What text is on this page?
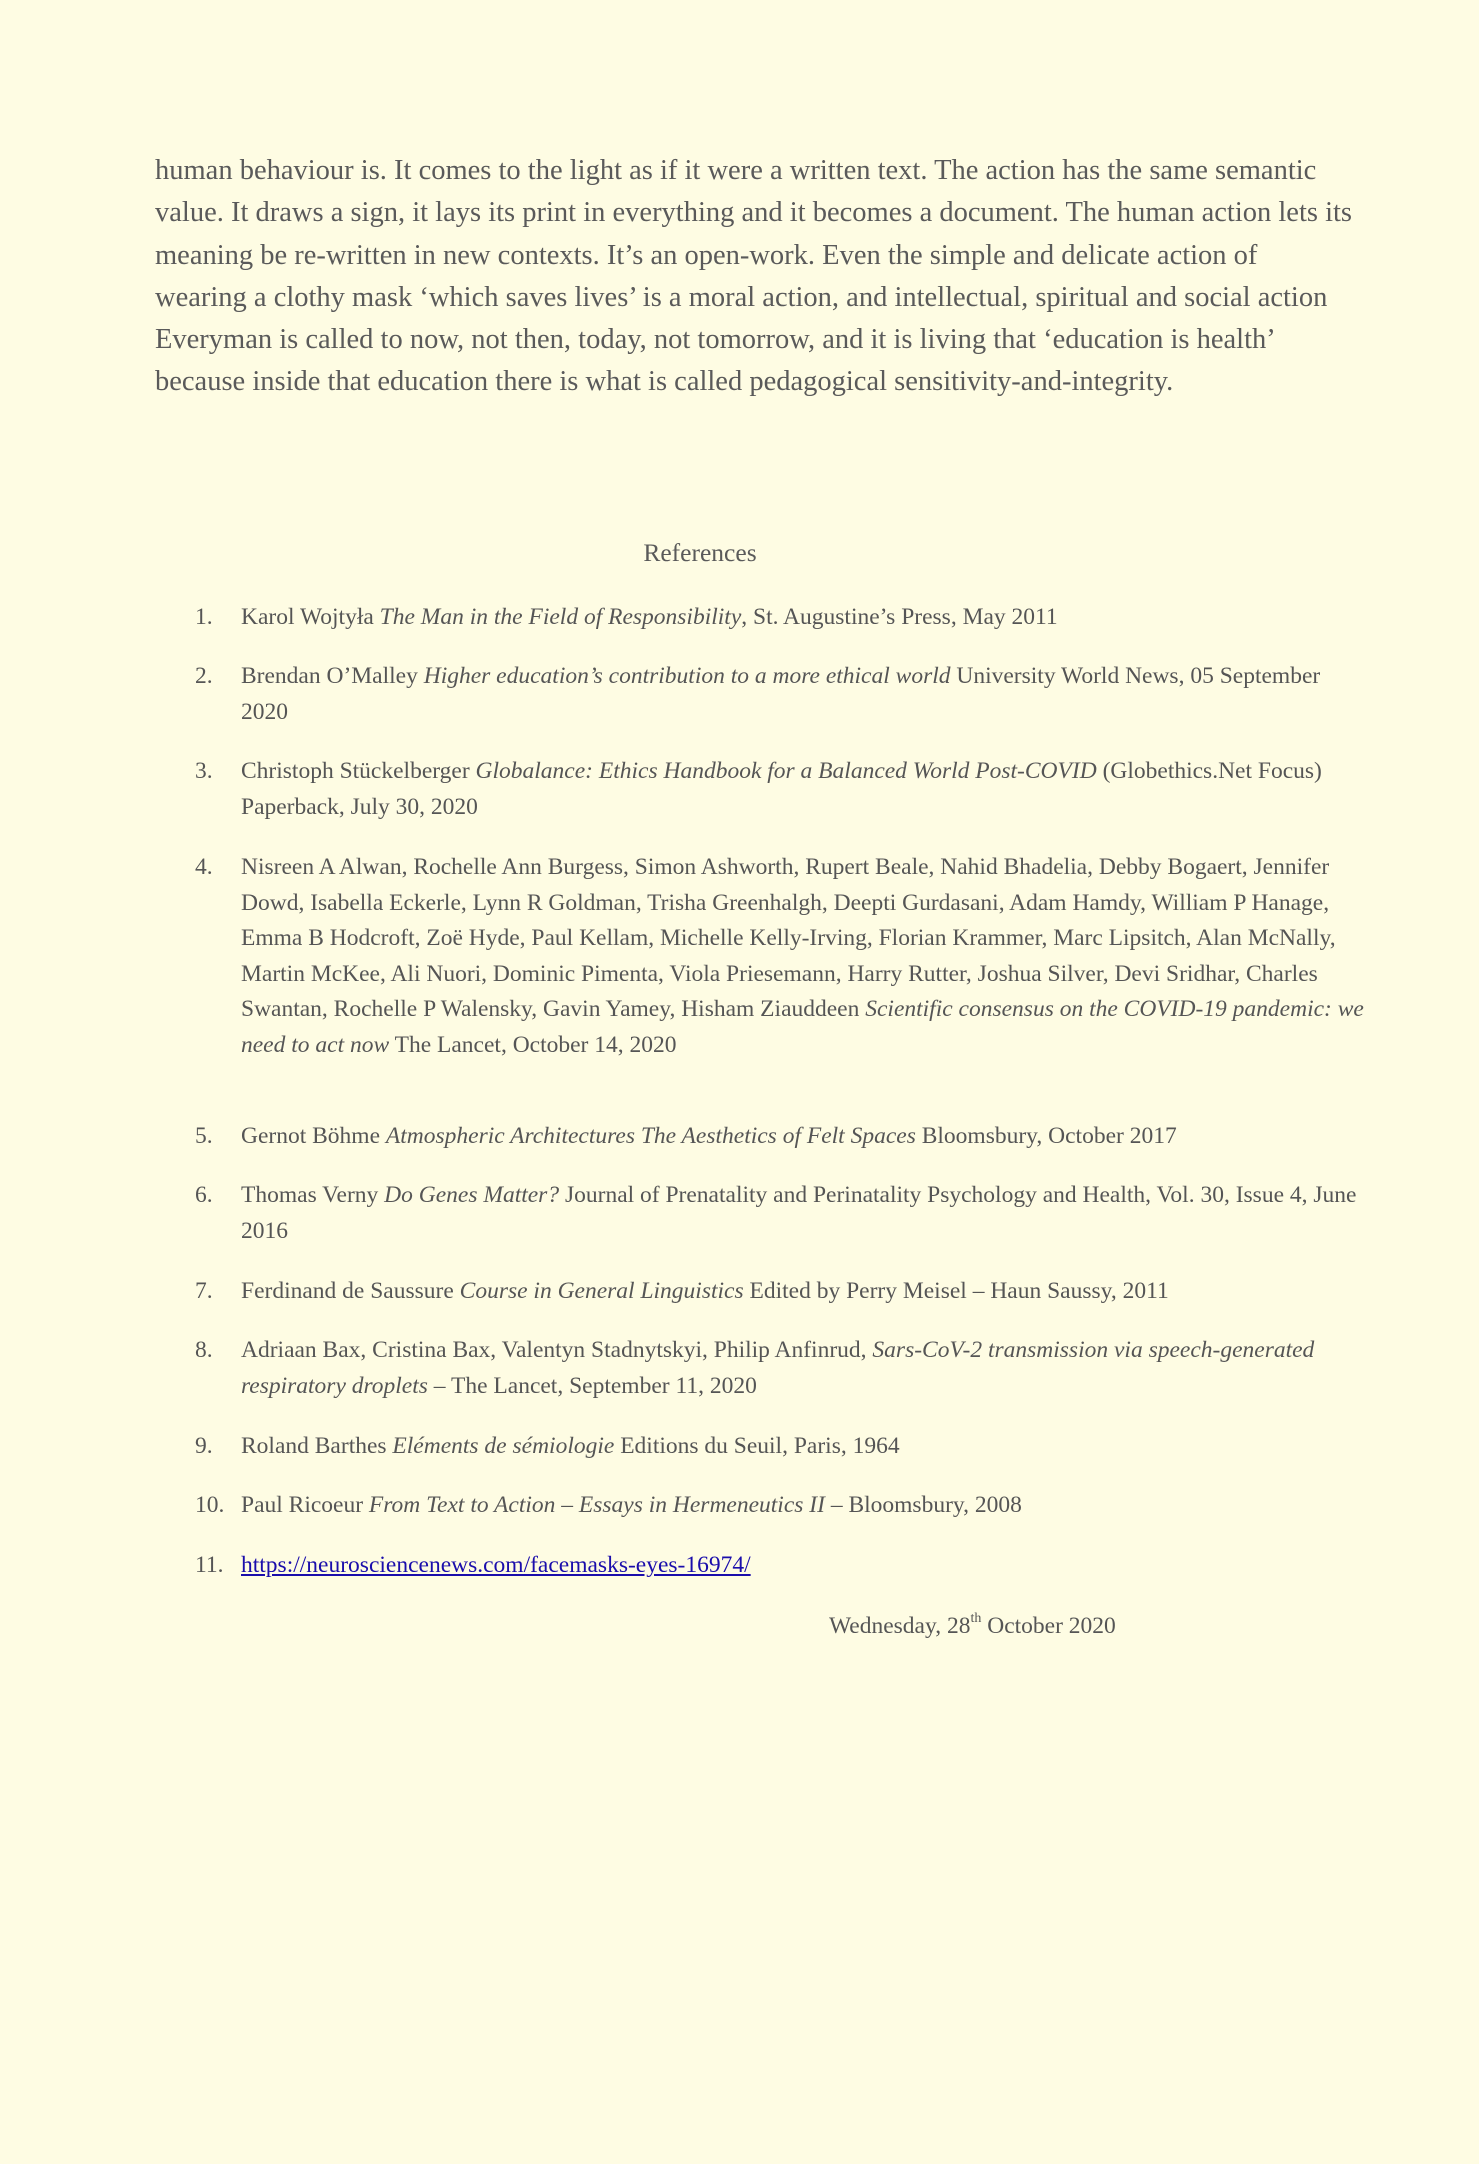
human behaviour is. It comes to the light as if it were a written text. The action has the same semantic value. It draws a sign, it lays its print in everything and it becomes a document. The human action lets its meaning be re-written in new contexts. It’s an open-work. Even the simple and delicate action of wearing a clothy mask ‘which saves lives’ is a moral action, and intellectual, spiritual and social action Everyman is called to now, not then, today, not tomorrow, and it is living that ‘education is health’ because inside that education there is what is called pedagogical sensitivity-and-integrity.

References
1.	Karol Wojtyła The Man in the Field of Responsibility, St. Augustine’s Press, May 2011
2.	Brendan O’Malley Higher education’s contribution to a more ethical world University World News, 05 September 2020
3.	Christoph Stückelberger Globalance: Ethics Handbook for a Balanced World Post-COVID (Globethics.Net Focus) Paperback, July 30, 2020
4.	Nisreen A Alwan, Rochelle Ann Burgess, Simon Ashworth, Rupert Beale, Nahid Bhadelia, Debby Bogaert, Jennifer Dowd, Isabella Eckerle, Lynn R Goldman, Trisha Greenhalgh, Deepti Gurdasani, Adam Hamdy, William P Hanage, Emma B Hodcroft, Zoë Hyde, Paul Kellam, Michelle Kelly-Irving, Florian Krammer, Marc Lipsitch, Alan McNally, Martin McKee, Ali Nuori, Dominic Pimenta, Viola Priesemann, Harry Rutter, Joshua Silver, Devi Sridhar, Charles Swantan, Rochelle P Walensky, Gavin Yamey, Hisham Ziauddeen Scientific consensus on the COVID-19 pandemic: we need to act now The Lancet, October 14, 2020
5.	Gernot Böhme Atmospheric Architectures The Aesthetics of Felt Spaces Bloomsbury, October 2017
6.	Thomas Verny Do Genes Matter? Journal of Prenatality and Perinatality Psychology and Health, Vol. 30, Issue 4, June 2016
7.	Ferdinand de Saussure Course in General Linguistics Edited by Perry Meisel – Haun Saussy, 2011
8.	Adriaan Bax, Cristina Bax, Valentyn Stadnytskyi, Philip Anfinrud, Sars-CoV-2 transmission via speech-generated respiratory droplets – The Lancet, September 11, 2020
9.	Roland Barthes Eléments de sémiologie Editions du Seuil, Paris, 1964
10. Paul Ricoeur From Text to Action – Essays in Hermeneutics II – Bloomsbury, 2008
11. https://neurosciencenews.com/facemasks-eyes-16974/
Wednesday, 28th October 2020
